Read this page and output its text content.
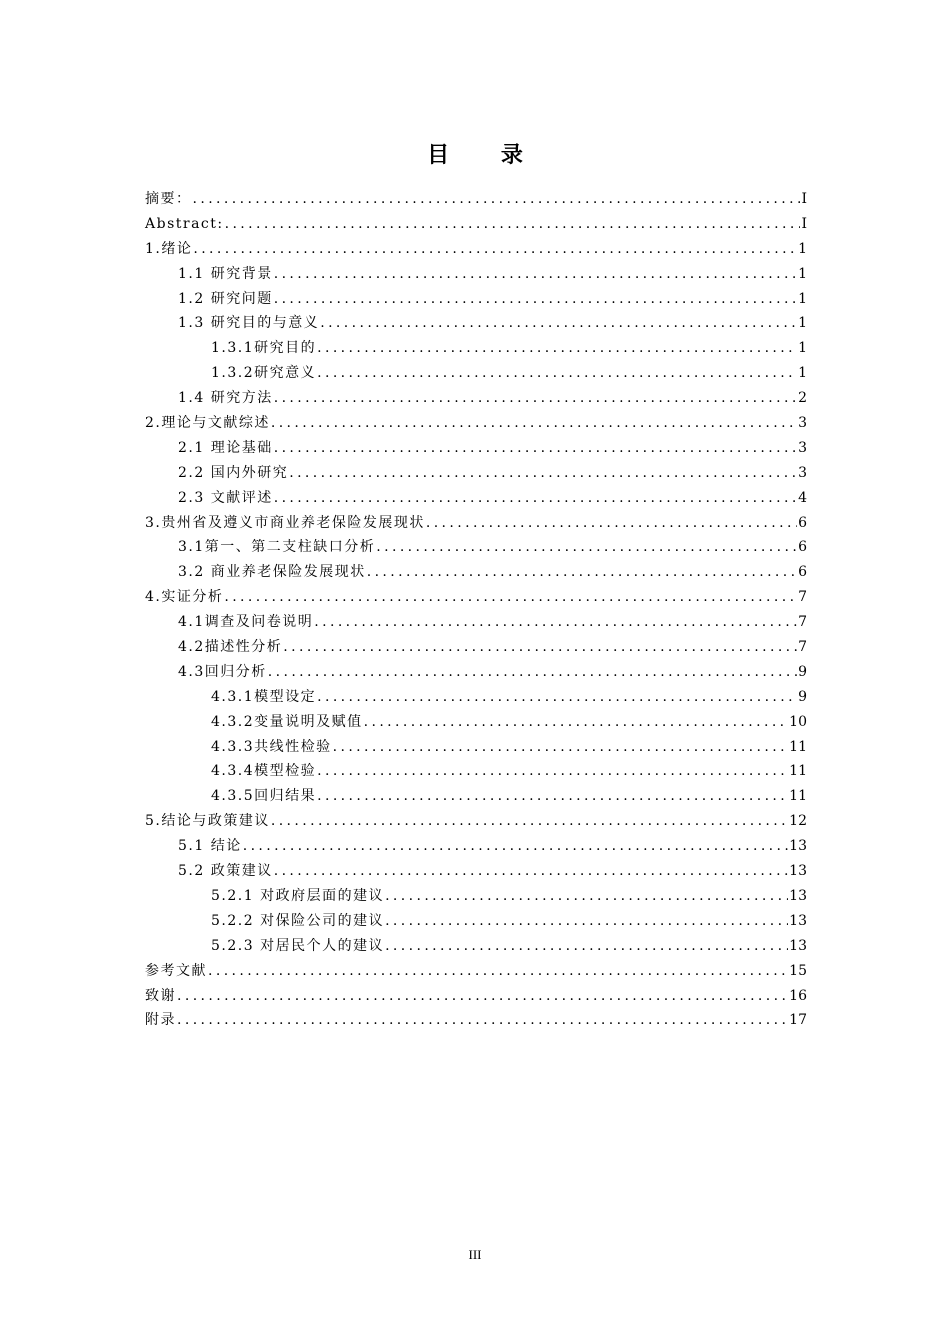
目 录
摘要： .....	I
Abstract: .....	I
1.绪论 .....	1
1.1 研究背景 .....	1
1.2 研究问题 .....	1
1.3 研究目的与意义 .....	1
1.3.1研究目的 .....	1
1.3.2研究意义 .....	1
1.4 研究方法 .....	2
2.理论与文献综述 .....	3
2.1 理论基础 .....	3
2.2 国内外研究 .....	3
2.3 文献评述 .....	4
3.贵州省及遵义市商业养老保险发展现状 .....	6
3.1第一、第二支柱缺口分析 .....	6
3.2 商业养老保险发展现状 .....	6
4.实证分析 .....	7
4.1调查及问卷说明 .....	7
4.2描述性分析 .....	7
4.3回归分析 .....	9
4.3.1模型设定 .....	9
4.3.2变量说明及赋值 .....	10
4.3.3共线性检验 .....	11
4.3.4模型检验 .....	11
4.3.5回归结果 .....	11
5.结论与政策建议 .....	12
5.1 结论 .....	13
5.2 政策建议 .....	13
5.2.1 对政府层面的建议 .....	13
5.2.2 对保险公司的建议 .....	13
5.2.3 对居民个人的建议 .....	13
参考文献 .....	15
致谢 .....	16
附录 .....	17
III
